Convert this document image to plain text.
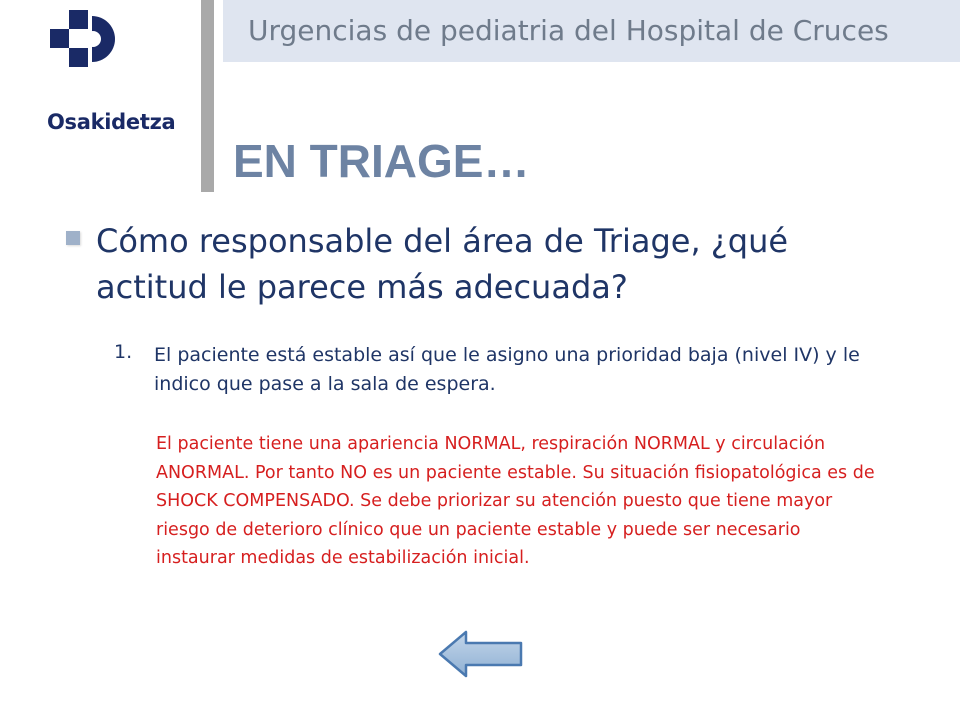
Osakidetza
Urgencias de pediatria del Hospital de Cruces
EN TRIAGE…
Cómo responsable del área de Triage, ¿qué actitud le parece más adecuada?
1. El paciente está estable así que le asigno una prioridad baja (nivel IV) y le indico que pase a la sala de espera.
El paciente tiene una apariencia NORMAL, respiración NORMAL y circulación ANORMAL. Por tanto NO es un paciente estable. Su situación fisiopatológica es de SHOCK COMPENSADO. Se debe priorizar su atención puesto que tiene mayor riesgo de deterioro clínico que un paciente estable y puede ser necesario instaurar medidas de estabilización inicial.
